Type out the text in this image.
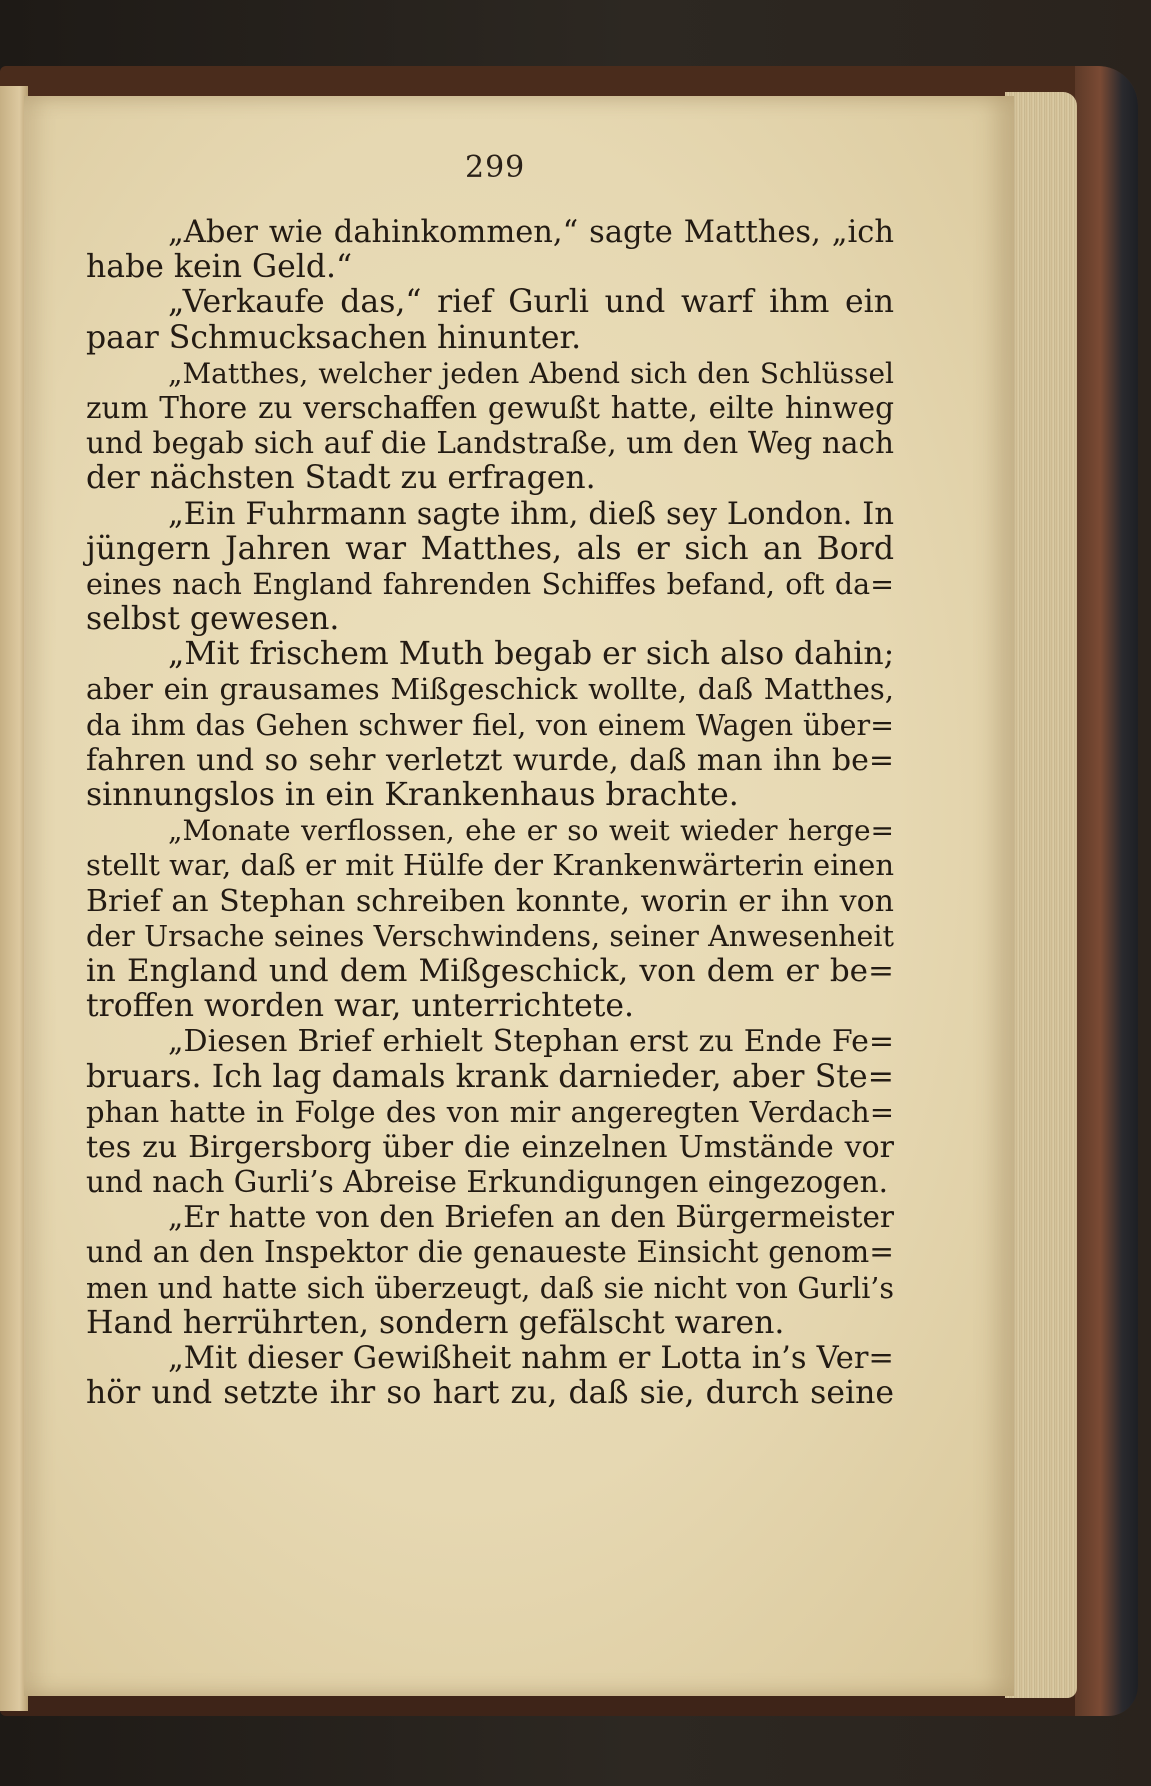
299
„Aber wie dahinkommen,“ sagte Matthes, „ich
habe kein Geld.“
„Verkaufe das,“ rief Gurli und warf ihm ein
paar Schmucksachen hinunter.
„Matthes, welcher jeden Abend sich den Schlüssel
zum Thore zu verschaffen gewußt hatte, eilte hinweg
und begab sich auf die Landstraße, um den Weg nach
der nächsten Stadt zu erfragen.
„Ein Fuhrmann sagte ihm, dieß sey London. In
jüngern Jahren war Matthes, als er sich an Bord
eines nach England fahrenden Schiffes befand, oft da=
selbst gewesen.
„Mit frischem Muth begab er sich also dahin;
aber ein grausames Mißgeschick wollte, daß Matthes,
da ihm das Gehen schwer fiel, von einem Wagen über=
fahren und so sehr verletzt wurde, daß man ihn be=
sinnungslos in ein Krankenhaus brachte.
„Monate verflossen, ehe er so weit wieder herge=
stellt war, daß er mit Hülfe der Krankenwärterin einen
Brief an Stephan schreiben konnte, worin er ihn von
der Ursache seines Verschwindens, seiner Anwesenheit
in England und dem Mißgeschick, von dem er be=
troffen worden war, unterrichtete.
„Diesen Brief erhielt Stephan erst zu Ende Fe=
bruars. Ich lag damals krank darnieder, aber Ste=
phan hatte in Folge des von mir angeregten Verdach=
tes zu Birgersborg über die einzelnen Umstände vor
und nach Gurli’s Abreise Erkundigungen eingezogen.
„Er hatte von den Briefen an den Bürgermeister
und an den Inspektor die genaueste Einsicht genom=
men und hatte sich überzeugt, daß sie nicht von Gurli’s
Hand herrührten, sondern gefälscht waren.
„Mit dieser Gewißheit nahm er Lotta in’s Ver=
hör und setzte ihr so hart zu, daß sie, durch seine
